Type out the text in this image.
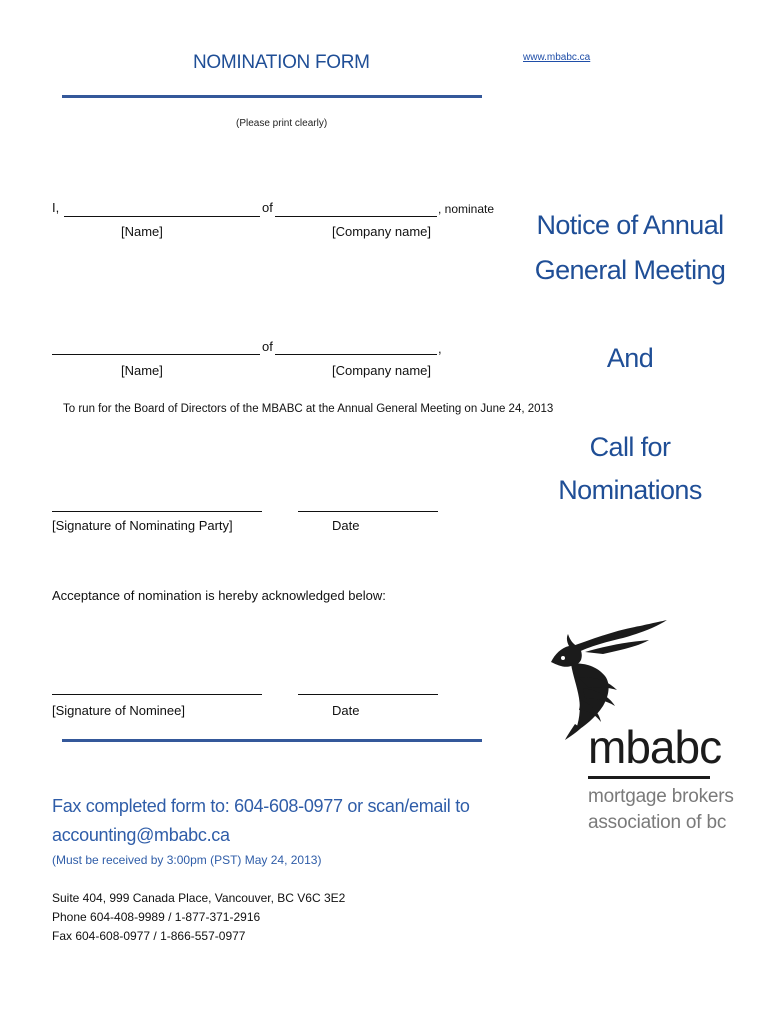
NOMINATION FORM
(Please print clearly)
www.mbabc.ca
I,	of	, nominate
[Name]	[Company name]
of	,
[Name]	[Company name]
To run for the Board of Directors of the MBABC at the Annual General Meeting on June 24, 2013
[Signature of Nominating Party]	Date
Acceptance of nomination is hereby acknowledged below:
[Signature of Nominee]	Date
Notice of Annual
General Meeting
And
Call for
Nominations
mbabc
mortgage brokers
association of bc
Fax completed form to: 604-608-0977 or scan/email to
accounting@mbabc.ca
(Must be received by 3:00pm (PST) May 24, 2013)
Suite 404, 999 Canada Place, Vancouver, BC V6C 3E2
Phone 604-408-9989 / 1-877-371-2916
Fax 604-608-0977 / 1-866-557-0977
